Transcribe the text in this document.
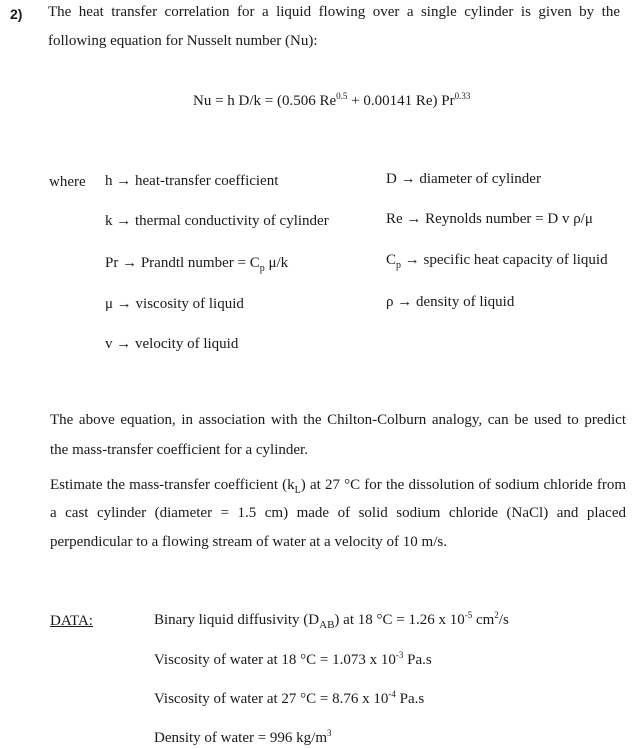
2) The heat transfer correlation for a liquid flowing over a single cylinder is given by the
following equation for Nusselt number (Nu):
Nu = h D/k = (0.506 $Re^{0.5} + 0.00141$ Re) $Pr^{0.33}$
where h → heat-transfer coefficient	D → diameter of cylinder
k → thermal conductivity of cylinder	Re → Reynolds number = D v ρ/μ
Pr → Prandtl number = $C_p$ μ/k	$C_p$ → specific heat capacity of liquid
μ → viscosity of liquid	ρ → density of liquid
v → velocity of liquid
The above equation, in association with the Chilton-Colburn analogy, can be used to predict
the mass-transfer coefficient for a cylinder.
Estimate the mass-transfer coefficient $(k_L)$ at 27 °C for the dissolution of sodium chloride from
a cast cylinder (diameter = 1.5 cm) made of solid sodium chloride (NaCl) and placed
perpendicular to a flowing stream of water at a velocity of 10 m/s.
DATA:	Binary liquid diffusivity $(D_{AB})$ at 18 °C = 1.26 x $10^{-5}$ $cm^2/s$
Viscosity of water at 18 °C = 1.073 x $10^{-3}$ Pa.s
Viscosity of water at 27 °C = 8.76 x $10^{-4}$ Pa.s
Density of water = 996 $kg/m^3$
